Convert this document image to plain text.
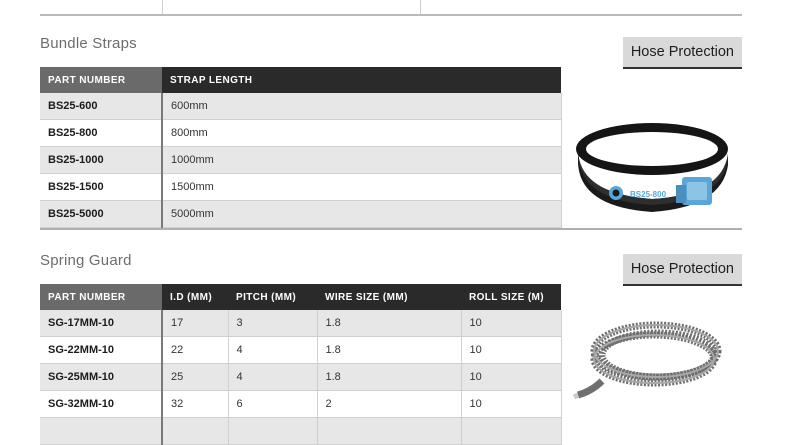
Bundle Straps	Hose Protection
PART NUMBER	STRAP LENGTH
BS25-600	600mm
BS25-800	800mm
BS25-1000	1000mm
BS25-1500	1500mm
BS25-5000	5000mm
BS25-800
Spring Guard	Hose Protection
PART NUMBER	I.D (MM)	PITCH (MM)	WIRE SIZE (MM)	ROLL SIZE (M)
SG-17MM-10	17	3	1.8	10
SG-22MM-10	22	4	1.8	10
SG-25MM-10	25	4	1.8	10
SG-32MM-10	32	6	2	10
